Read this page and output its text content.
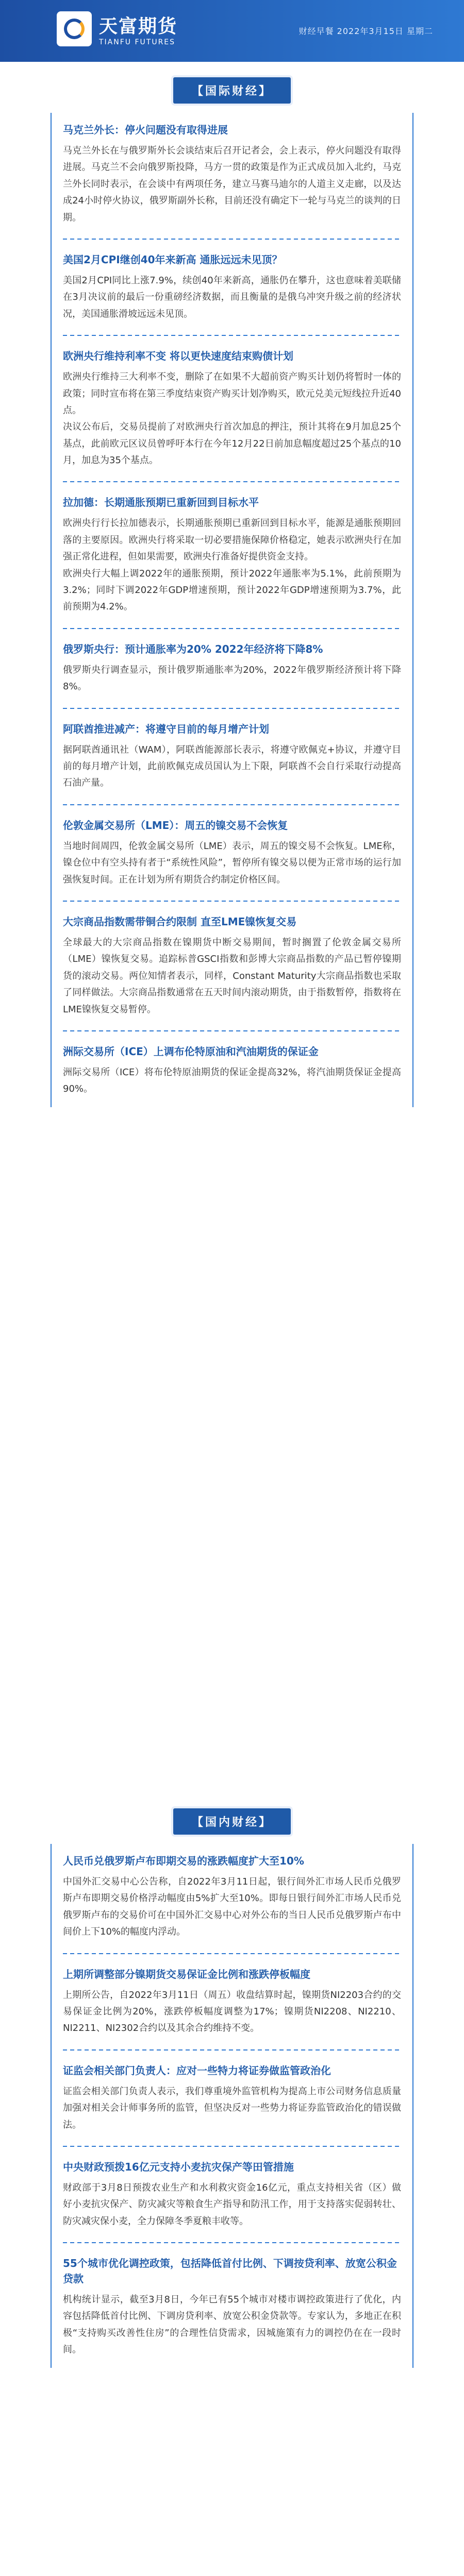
天富期货
TIANFU FUTURES
财经早餐 2022年3月15日 星期二
【国际财经】
马克兰外长：停火问题没有取得进展
马克兰外长在与俄罗斯外长会谈结束后召开记者会，会上表示，停火问题没有取得进展。马克兰不会向俄罗斯投降，马方一贯的政策是作为正式成员加入北约，马克兰外长同时表示，在会谈中有两项任务，建立马赛马迪尔的人道主义走廊，以及达成24小时停火协议，俄罗斯副外长称，目前还没有确定下一轮与马克兰的谈判的日期。
美国2月CPI继创40年来新高 通胀远远未见顶？
美国2月CPI同比上涨7.9%，续创40年来新高，通胀仍在攀升，这也意味着美联储在3月决议前的最后一份重磅经济数据，而且衡量的是俄乌冲突升级之前的经济状况，美国通胀滑坡远远未见顶。
欧洲央行维持利率不变 将以更快速度结束购债计划
欧洲央行维持三大利率不变，删除了在如果不大超前资产购买计划仍将暂时一体的政策；同时宣布将在第三季度结束资产购买计划净购买，欧元兑美元短线拉升近40点。
决议公布后，交易员提前了对欧洲央行首次加息的押注，预计其将在9月加息25个基点，此前欧元区议员曾呼吁本行在今年12月22日前加息幅度超过25个基点的10月，加息为35个基点。
拉加德：长期通胀预期已重新回到目标水平
欧洲央行行长拉加德表示，长期通胀预期已重新回到目标水平，能源是通胀预期回落的主要原因。欧洲央行将采取一切必要措施保障价格稳定，她表示欧洲央行在加强正常化进程，但如果需要，欧洲央行准备好提供资金支持。
欧洲央行大幅上调2022年的通胀预期，预计2022年通胀率为5.1%，此前预期为3.2%；同时下调2022年GDP增速预期，预计2022年GDP增速预期为3.7%，此前预期为4.2%。
俄罗斯央行：预计通胀率为20% 2022年经济将下降8%
俄罗斯央行调查显示，预计俄罗斯通胀率为20%，2022年俄罗斯经济预计将下降8%。
阿联酋推进减产：将遵守目前的每月增产计划
据阿联酋通讯社（WAM），阿联酋能源部长表示，将遵守欧佩克+协议，并遵守目前的每月增产计划，此前欧佩克成员国认为上下限，阿联酋不会自行采取行动提高石油产量。
伦敦金属交易所（LME）：周五的镍交易不会恢复
当地时间周四，伦敦金属交易所（LME）表示，周五的镍交易不会恢复。LME称，镍仓位中有空头持有者于“系统性风险”，暂停所有镍交易以便为正常市场的运行加强恢复时间。正在计划为所有期货合约制定价格区间。
大宗商品指数需带铜合约限制 直至LME镍恢复交易
全球最大的大宗商品指数在镍期货中断交易期间，暂时搁置了伦敦金属交易所（LME）镍恢复交易。追踪标普GSCI指数和彭博大宗商品指数的产品已暂停镍期货的滚动交易。两位知情者表示，同样，Constant Maturity大宗商品指数也采取了同样做法。大宗商品指数通常在五天时间内滚动期货，由于指数暂停，指数将在LME镍恢复交易暂停。
洲际交易所（ICE）上调布伦特原油和汽油期货的保证金
洲际交易所（ICE）将布伦特原油期货的保证金提高32%，将汽油期货保证金提高90%。
【国内财经】
人民币兑俄罗斯卢布即期交易的涨跌幅度扩大至10%
中国外汇交易中心公告称，自2022年3月11日起，银行间外汇市场人民币兑俄罗斯卢布即期交易价格浮动幅度由5%扩大至10%。即每日银行间外汇市场人民币兑俄罗斯卢布的交易价可在中国外汇交易中心对外公布的当日人民币兑俄罗斯卢布中间价上下10%的幅度内浮动。
上期所调整部分镍期货交易保证金比例和涨跌停板幅度
上期所公告，自2022年3月11日（周五）收盘结算时起，镍期货NI2203合约的交易保证金比例为20%，涨跌停板幅度调整为17%；镍期货NI2208、NI2210、NI2211、NI2302合约以及其余合约维持不变。
证监会相关部门负责人：应对一些特力将证券做监管政治化
证监会相关部门负责人表示，我们尊重境外监管机构为提高上市公司财务信息质量加强对相关会计师事务所的监管，但坚决反对一些势力将证券监管政治化的错误做法。
中央财政预拨16亿元支持小麦抗灾保产等田管措施
财政部于3月8日预拨农业生产和水利救灾资金16亿元，重点支持相关省（区）做好小麦抗灾保产、防灾减灾等粮食生产指导和防汛工作，用于支持落实促弱转壮、防灾减灾保小麦，全力保障冬季夏粮丰收等。
55个城市优化调控政策，包括降低首付比例、下调按贷利率、放宽公积金贷款
机构统计显示，截至3月8日，今年已有55个城市对楼市调控政策进行了优化，内容包括降低首付比例、下调房贷利率、放宽公积金贷款等。专家认为，多地正在积极“支持购买改善性住房”的合理性信贷需求，因城施策有力的调控仍在在一段时间。
